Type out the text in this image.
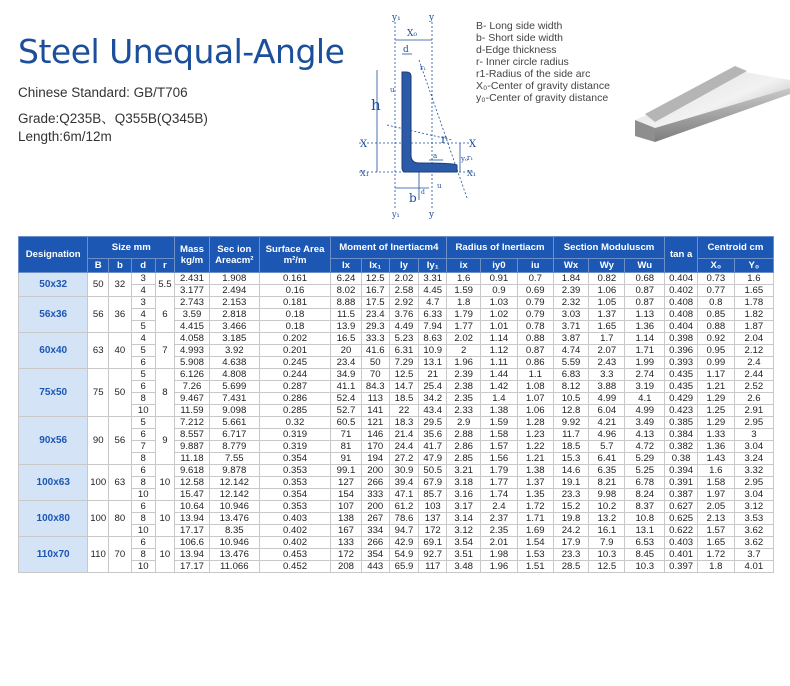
Steel Unequal-Angle
Chinese Standard: GB/T706
Grade:Q235B、Q355B(Q345B)
Length:6m/12m
y₁	y
X₀
d
r₁
h
u
X	r
a	r₁
y₀
X
X₁	X₁
b d
u
y₁	y
B- Long side width
b- Short side width
d-Edge thickness
r- Inner circle radius
r1-Radius of the side arc
X₀-Center of gravity distance
y₀-Center of gravity distance
Designation	Size mm				Mass kg/m	Sec ion Areacm²	Surface Area m²/m	Moment of Inertiacm4				Radius of Inertiacm			Section Moduluscm			tan a	Centroid cm	
	B	b	d	r				Ix	Ix₁	Iy	Iy₁	ix	iy0	iu	Wx	Wy	Wu		X₀	Y₀
50x32	50	32	3	5.5	2.431	1.908	0.161	6.24	12.5	2.02	3.31	1.6	0.91	0.7	1.84	0.82	0.68	0.404	0.73	1.6
			4		3.177	2.494	0.16	8.02	16.7	2.58	4.45	1.59	0.9	0.69	2.39	1.06	0.87	0.402	0.77	1.65
56x36	56	36	3	6	2.743	2.153	0.181	8.88	17.5	2.92	4.7	1.8	1.03	0.79	2.32	1.05	0.87	0.408	0.8	1.78
			4		3.59	2.818	0.18	11.5	23.4	3.76	6.33	1.79	1.02	0.79	3.03	1.37	1.13	0.408	0.85	1.82
			5		4.415	3.466	0.18	13.9	29.3	4.49	7.94	1.77	1.01	0.78	3.71	1.65	1.36	0.404	0.88	1.87
60x40	63	40	4	7	4.058	3.185	0.202	16.5	33.3	5.23	8.63	2.02	1.14	0.88	3.87	1.7	1.14	0.398	0.92	2.04
			5		4.993	3.92	0.201	20	41.6	6.31	10.9	2	1.12	0.87	4.74	2.07	1.71	0.396	0.95	2.12
			6		5.908	4.638	0.245	23.4	50	7.29	13.1	1.96	1.11	0.86	5.59	2.43	1.99	0.393	0.99	2.4
75x50	75	50	5	8	6.126	4.808	0.244	34.9	70	12.5	21	2.39	1.44	1.1	6.83	3.3	2.74	0.435	1.17	2.44
			6		7.26	5.699	0.287	41.1	84.3	14.7	25.4	2.38	1.42	1.08	8.12	3.88	3.19	0.435	1.21	2.52
			8		9.467	7.431	0.286	52.4	113	18.5	34.2	2.35	1.4	1.07	10.5	4.99	4.1	0.429	1.29	2.6
			10		11.59	9.098	0.285	52.7	141	22	43.4	2.33	1.38	1.06	12.8	6.04	4.99	0.423	1.25	2.91
90x56	90	56	5	9	7.212	5.661	0.32	60.5	121	18.3	29.5	2.9	1.59	1.28	9.92	4.21	3.49	0.385	1.29	2.95
			6		8.557	6.717	0.319	71	146	21.4	35.6	2.88	1.58	1.23	11.7	4.96	4.13	0.384	1.33	3
			7		9.887	8.779	0.319	81	170	24.4	41.7	2.86	1.57	1.22	18.5	5.7	4.72	0.382	1.36	3.04
			8		11.18	7.55	0.354	91	194	27.2	47.9	2.85	1.56	1.21	15.3	6.41	5.29	0.38	1.43	3.24
100x63	100	63	6	10	9.618	9.878	0.353	99.1	200	30.9	50.5	3.21	1.79	1.38	14.6	6.35	5.25	0.394	1.6	3.32
			8		12.58	12.142	0.353	127	266	39.4	67.9	3.18	1.77	1.37	19.1	8.21	6.78	0.391	1.58	2.95
			10		15.47	12.142	0.354	154	333	47.1	85.7	3.16	1.74	1.35	23.3	9.98	8.24	0.387	1.97	3.04
100x80	100	80	6	10	10.64	10.946	0.353	107	200	61.2	103	3.17	2.4	1.72	15.2	10.2	8.37	0.627	2.05	3.12
			8		13.94	13.476	0.403	138	267	78.6	137	3.14	2.37	1.71	19.8	13.2	10.8	0.625	2.13	3.53
			10		17.17	8.35	0.402	167	334	94.7	172	3.12	2.35	1.69	24.2	16.1	13.1	0.622	1.57	3.62
110x70	110	70	6	10	106.6	10.946	0.402	133	266	42.9	69.1	3.54	2.01	1.54	17.9	7.9	6.53	0.403	1.65	3.62
			8		13.94	13.476	0.453	172	354	54.9	92.7	3.51	1.98	1.53	23.3	10.3	8.45	0.401	1.72	3.7
			10		17.17	11.066	0.452	208	443	65.9	117	3.48	1.96	1.51	28.5	12.5	10.3	0.397	1.8	4.01
